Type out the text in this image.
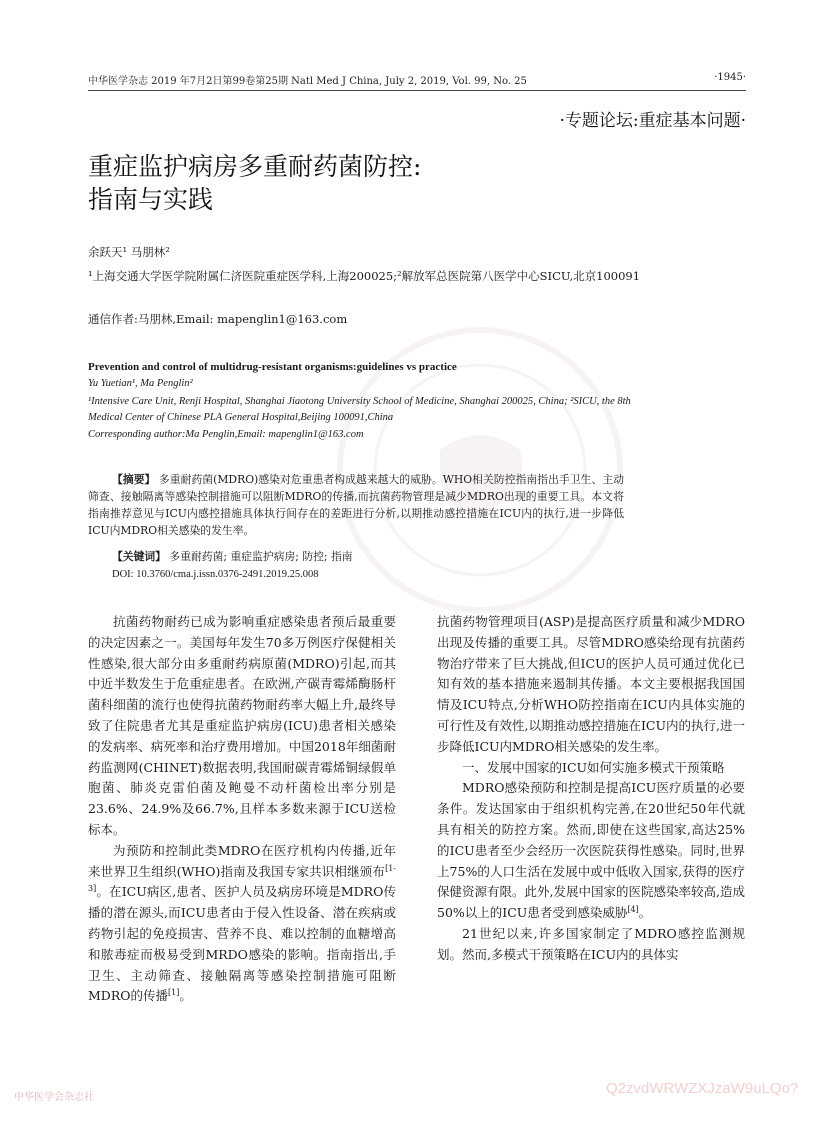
中华医学杂志 2019 年7月2日第99卷第25期 Natl Med J China, July 2, 2019, Vol. 99, No. 25	·1945·
·专题论坛:重症基本问题·
重症监护病房多重耐药菌防控:
指南与实践
余跃天¹ 马朋林²
¹上海交通大学医学院附属仁济医院重症医学科,上海200025;²解放军总医院第八医学中心SICU,北京100091
通信作者:马朋林,Email: mapenglin1@163.com
Prevention and control of multidrug-resistant organisms:guidelines vs practice
Yu Yuetian¹, Ma Penglin²
¹Intensive Care Unit, Renji Hospital, Shanghai Jiaotong University School of Medicine, Shanghai 200025, China; ²SICU, the 8th Medical Center of Chinese PLA General Hospital,Beijing 100091,China
Corresponding author:Ma Penglin,Email: mapenglin1@163.com
【摘要】 多重耐药菌(MDRO)感染对危重患者构成越来越大的威胁。WHO相关防控指南指出手卫生、主动筛查、接触隔离等感染控制措施可以阻断MDRO的传播,而抗菌药物管理是减少MDRO出现的重要工具。本文将指南推荐意见与ICU内感控措施具体执行间存在的差距进行分析,以期推动感控措施在ICU内的执行,进一步降低ICU内MDRO相关感染的发生率。
【关键词】 多重耐药菌; 重症监护病房; 防控; 指南
DOI: 10.3760/cma.j.issn.0376-2491.2019.25.008

抗菌药物耐药已成为影响重症感染患者预后最重要的决定因素之一。美国每年发生70多万例医疗保健相关性感染,很大部分由多重耐药病原菌(MDRO)引起,而其中近半数发生于危重症患者。在欧洲,产碳青霉烯酶肠杆菌科细菌的流行也使得抗菌药物耐药率大幅上升,最终导致了住院患者尤其是重症监护病房(ICU)患者相关感染的发病率、病死率和治疗费用增加。中国2018年细菌耐药监测网(CHINET)数据表明,我国耐碳青霉烯铜绿假单胞菌、肺炎克雷伯菌及鲍曼不动杆菌检出率分别是23.6%、24.9%及66.7%,且样本多数来源于ICU送检标本。

为预防和控制此类MDRO在医疗机构内传播,近年来世界卫生组织(WHO)指南及我国专家共识相继颁布[1-3]。在ICU病区,患者、医护人员及病房环境是MDRO传播的潜在源头,而ICU患者由于侵入性设备、潜在疾病或药物引起的免疫损害、营养不良、难以控制的血糖增高和脓毒症而极易受到MRDO感染的影响。指南指出,手卫生、主动筛查、接触隔离等感染控制措施可阻断MDRO的传播[1]。

抗菌药物管理项目(ASP)是提高医疗质量和减少MDRO出现及传播的重要工具。尽管MDRO感染给现有抗菌药物治疗带来了巨大挑战,但ICU的医护人员可通过优化已知有效的基本措施来遏制其传播。本文主要根据我国国情及ICU特点,分析WHO防控指南在ICU内具体实施的可行性及有效性,以期推动感控措施在ICU内的执行,进一步降低ICU内MDRO相关感染的发生率。

一、发展中国家的ICU如何实施多模式干预策略

MDRO感染预防和控制是提高ICU医疗质量的必要条件。发达国家由于组织机构完善,在20世纪50年代就具有相关的防控方案。然而,即使在这些国家,高达25%的ICU患者至少会经历一次医院获得性感染。同时,世界上75%的人口生活在发展中或中低收入国家,获得的医疗保健资源有限。此外,发展中国家的医院感染率较高,造成50%以上的ICU患者受到感染威胁[4]。

21世纪以来,许多国家制定了MDRO感控监测规划。然而,多模式干预策略在ICU内的具体实

中华医学会杂志社
Q2zvdWRWZXJzaW9uLQo?
